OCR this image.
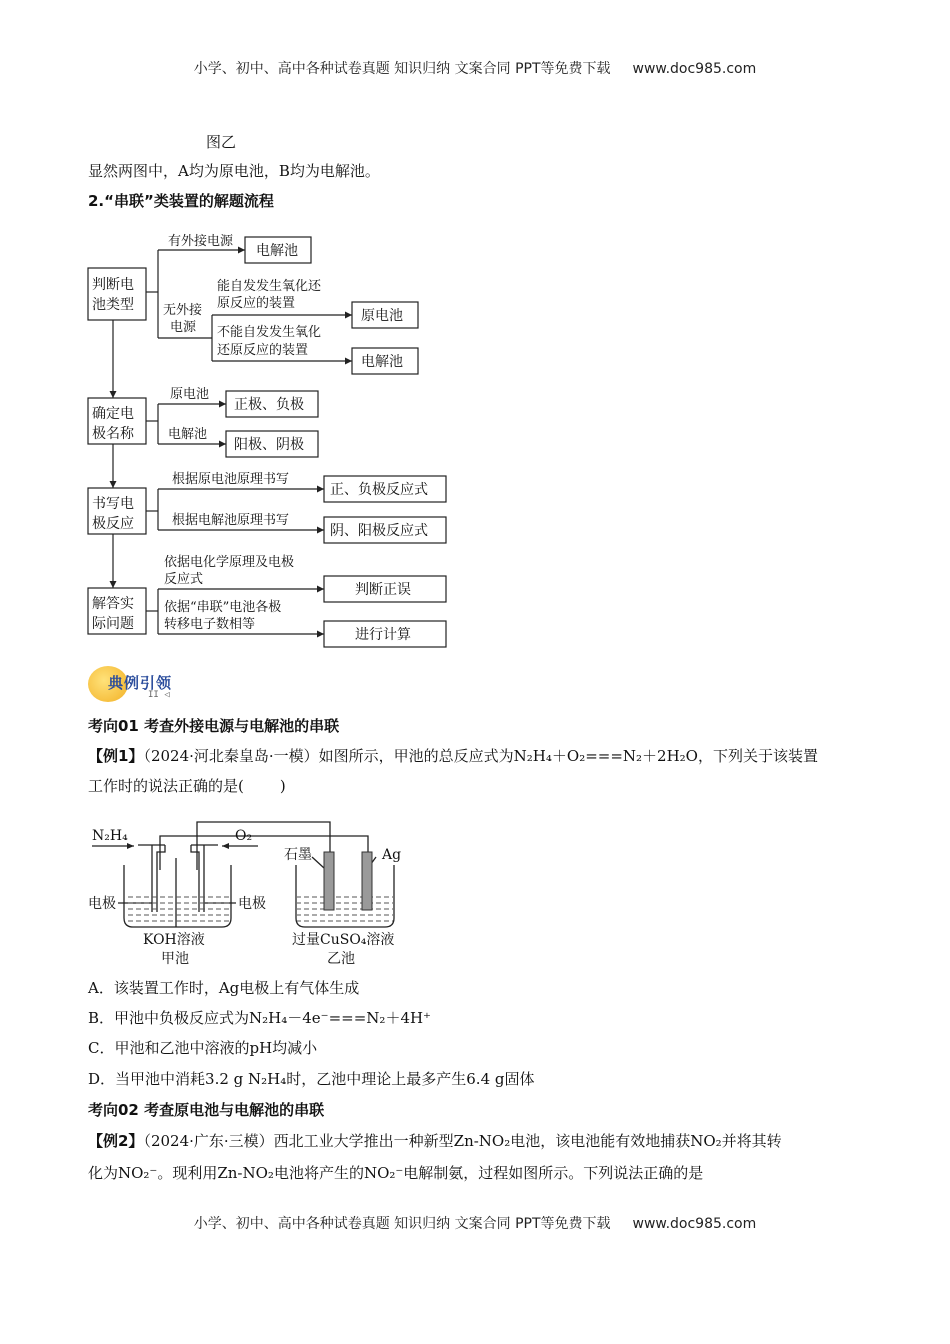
小学、初中、高中各种试卷真题 知识归纳 文案合同 PPT等免费下载 www.doc985.com
图乙
显然两图中，A均为原电池，B均为电解池。
2.“串联”类装置的解题流程
判断电
池类型
有外接电源
电解池
无外接
电源
能自发发生氧化还
原反应的装置
原电池
不能自发发生氧化
还原反应的装置
电解池
确定电
极名称
原电池
正极、负极
电解池
阳极、阴极
书写电
极反应
根据原电池原理书写
正、负极反应式
根据电解池原理书写
阴、阳极反应式
解答实
际问题
依据电化学原理及电极
反应式
判断正误
依据“串联”电池各极
转移电子数相等
进行计算
典例引领
II ◁
考向01 考查外接电源与电解池的串联
【例1】（2024·河北秦皇岛·一模）如图所示，甲池的总反应式为N₂H₄＋O₂===N₂＋2H₂O，下列关于该装置
工作时的说法正确的是( )
N₂H₄	O₂
电极	电极
KOH溶液
甲池
石墨	Ag
过量CuSO₄溶液
乙池
A．该装置工作时，Ag电极上有气体生成
B．甲池中负极反应式为N₂H₄－4e⁻===N₂＋4H⁺
C．甲池和乙池中溶液的pH均减小
D．当甲池中消耗3.2 g N₂H₄时，乙池中理论上最多产生6.4 g固体
考向02 考查原电池与电解池的串联
【例2】（2024·广东·三模）西北工业大学推出一种新型Zn-NO₂电池，该电池能有效地捕获NO₂并将其转
化为NO₂⁻。现利用Zn-NO₂电池将产生的NO₂⁻电解制氨，过程如图所示。下列说法正确的是
小学、初中、高中各种试卷真题 知识归纳 文案合同 PPT等免费下载 www.doc985.com
